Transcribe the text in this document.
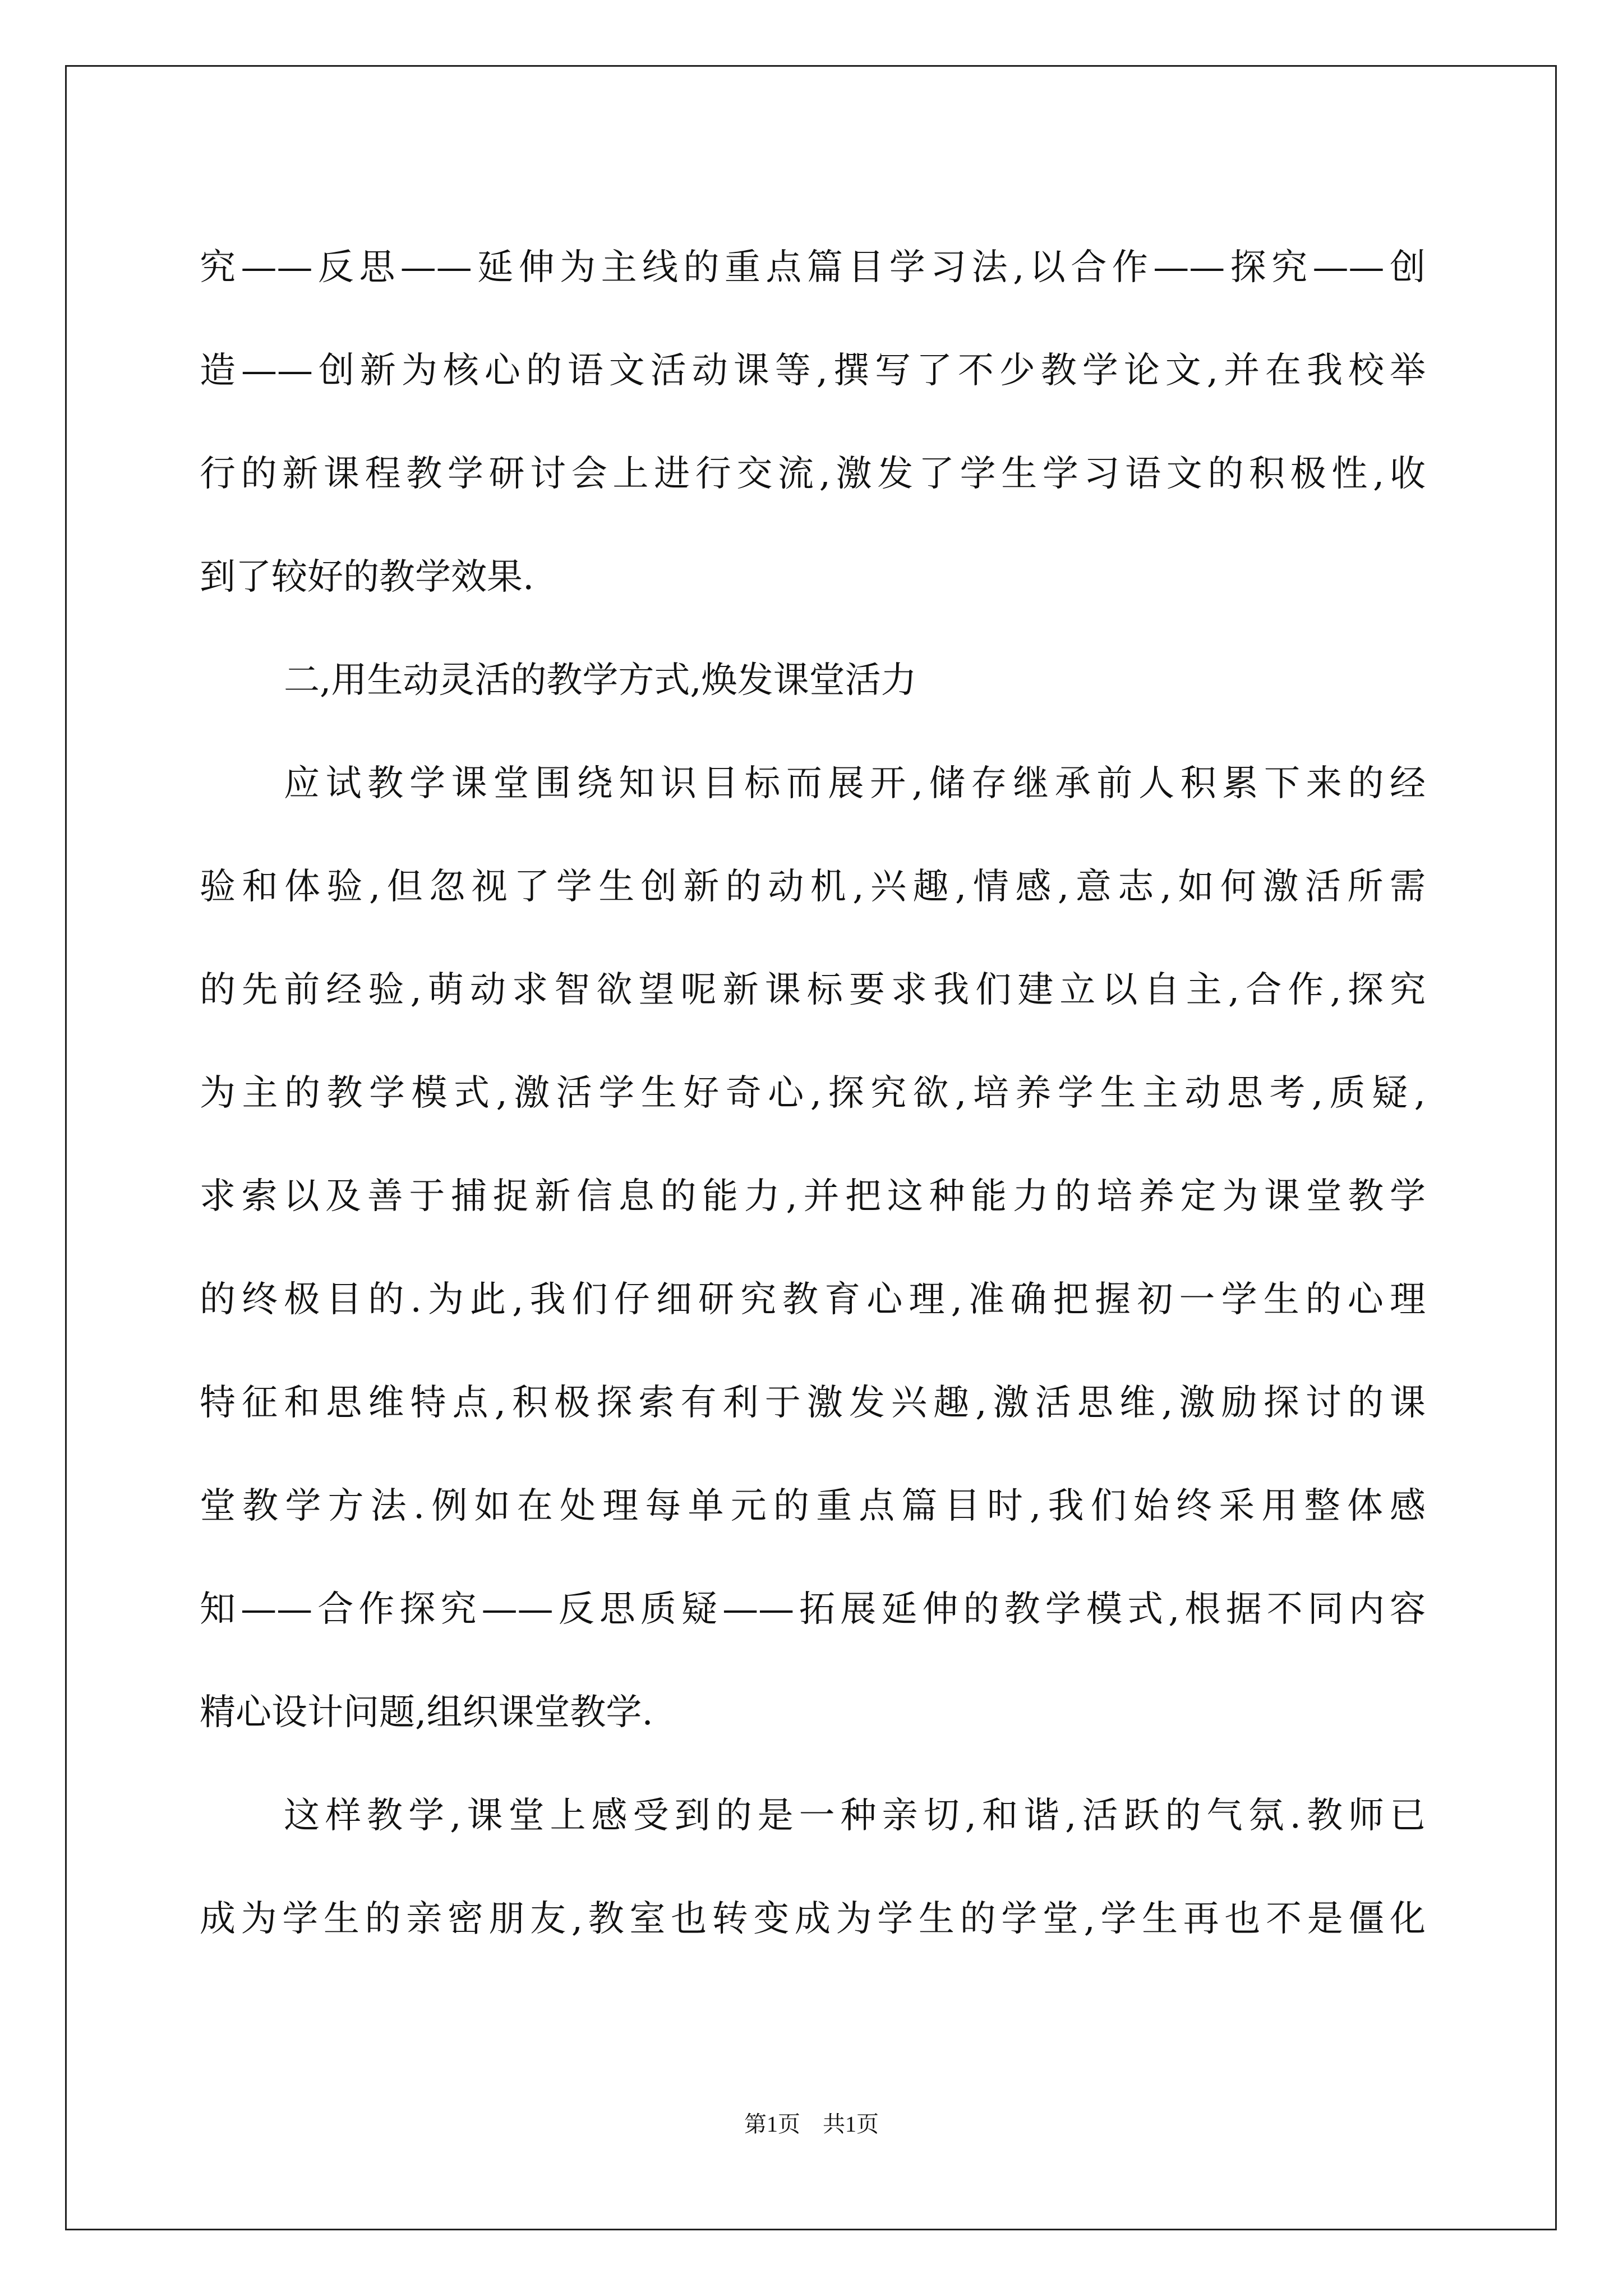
究——反思——延伸为主线的重点篇目学习法,以合作——探究——创
造——创新为核心的语文活动课等,撰写了不少教学论文,并在我校举
行的新课程教学研讨会上进行交流,激发了学生学习语文的积极性,收
到了较好的教学效果.
二,用生动灵活的教学方式,焕发课堂活力
应试教学课堂围绕知识目标而展开,储存继承前人积累下来的经
验和体验,但忽视了学生创新的动机,兴趣,情感,意志,如何激活所需
的先前经验,萌动求智欲望呢新课标要求我们建立以自主,合作,探究
为主的教学模式,激活学生好奇心,探究欲,培养学生主动思考,质疑,
求索以及善于捕捉新信息的能力,并把这种能力的培养定为课堂教学
的终极目的.为此,我们仔细研究教育心理,准确把握初一学生的心理
特征和思维特点,积极探索有利于激发兴趣,激活思维,激励探讨的课
堂教学方法.例如在处理每单元的重点篇目时,我们始终采用整体感
知——合作探究——反思质疑——拓展延伸的教学模式,根据不同内容
精心设计问题,组织课堂教学.
这样教学,课堂上感受到的是一种亲切,和谐,活跃的气氛.教师已
成为学生的亲密朋友,教室也转变成为学生的学堂,学生再也不是僵化
第1页　共1页
